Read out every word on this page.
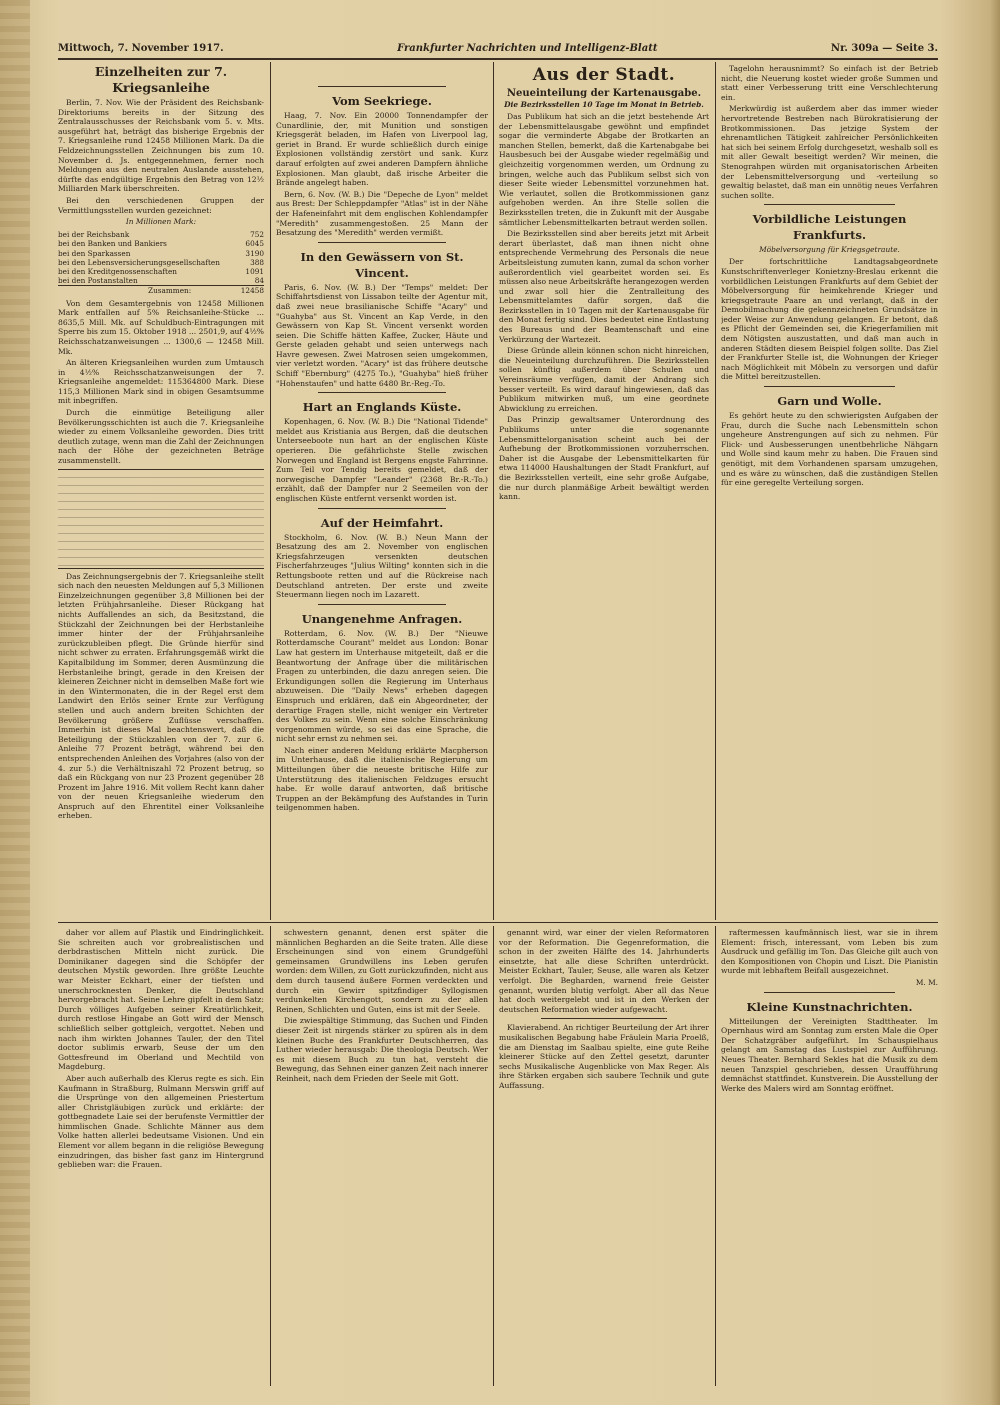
Mittwoch, 7. November 1917.	Frankfurter Nachrichten und Intelligenz-Blatt	Nr. 309a — Seite 3.
Einzelheiten zur 7. Kriegsanleihe

Berlin, 7. Nov. Wie der Präsident des Reichsbank-Direktoriums bereits in der Sitzung des Zentralausschusses der Reichsbank vom 5. v. Mts. ausgeführt hat, beträgt das bisherige Ergebnis der 7. Kriegsanleihe rund 12458 Millionen Mark. Da die Feldzeichnungsstellen Zeichnungen bis zum 10. November d. Js. entgegennehmen, ferner noch Meldungen aus den neutralen Auslande ausstehen, dürfte das endgültige Ergebnis den Betrag von 12½ Milliarden Mark überschreiten.

Bei den verschiedenen Gruppen der Vermittlungsstellen wurden gezeichnet:

In Millionen Mark:
bei der Reichsbank	752
bei den Banken und Bankiers	6045
bei den Sparkassen	3190
bei den Lebensversicherungsgesellschaften	388
bei den Kreditgenossenschaften	1091
bei den Postanstalten	84
Zusammen:	12458

Von dem Gesamtergebnis von 12458 Millionen Mark entfallen auf 5% Reichsanleihe-Stücke ... 8635,5 Mill. Mk. auf Schuldbuch-Eintragungen mit Sperre bis zum 15. Oktober 1918 ... 2501,9, auf 4½% Reichsschatzanweisungen ... 1300,6 — 12458 Mill. Mk.

An älteren Kriegsanleihen wurden zum Umtausch in 4½% Reichsschatzanweisungen der 7. Kriegsanleihe angemeldet: 115364800 Mark. Diese 115,3 Millionen Mark sind in obigen Gesamtsumme mit inbegriffen.

Durch die einmütige Beteiligung aller Bevölkerungsschichten ist auch die 7. Kriegsanleihe wieder zu einem Volksanleihe geworden. Dies tritt deutlich zutage, wenn man die Zahl der Zeichnungen nach der Höhe der gezeichneten Beträge zusammenstellt.

Das Zeichnungsergebnis der 7. Kriegsanleihe stellt sich nach den neuesten Meldungen auf 5,3 Millionen Einzelzeichnungen gegenüber 3,8 Millionen bei der letzten Frühjahrsanleihe. Dieser Rückgang hat nichts Auffallendes an sich, da Besitzstand, die Stückzahl der Zeichnungen bei der Herbstanleihe immer hinter der der Frühjahrsanleihe zurückzubleiben pflegt. Die Gründe hierfür sind nicht schwer zu erraten. Erfahrungsgemäß wirkt die Kapitalbildung im Sommer, deren Ausmünzung die Herbstanleihe bringt, gerade in den Kreisen der kleineren Zeichner nicht in demselben Maße fort wie in den Wintermonaten, die in der Regel erst dem Landwirt den Erlös seiner Ernte zur Verfügung stellen und auch andern breiten Schichten der Bevölkerung größere Zuflüsse verschaffen. Immerhin ist dieses Mal beachtenswert, daß die Beteiligung der Stückzahlen von der 7. zur 6. Anleihe 77 Prozent beträgt, während bei den entsprechenden Anleihen des Vorjahres (also von der 4. zur 5.) die Verhältniszahl 72 Prozent betrug, so daß ein Rückgang von nur 23 Prozent gegenüber 28 Prozent im Jahre 1916. Mit vollem Recht kann daher von der neuen Kriegsanleihe wiederum den Anspruch auf den Ehrentitel einer Volksanleihe erheben.

Vom Seekriege.

Haag, 7. Nov. Ein 20000 Tonnendampfer der Cunardlinie, der, mit Munition und sonstigen Kriegsgerät beladen, im Hafen von Liverpool lag, geriet in Brand. Er wurde schließlich durch einige Explosionen vollständig zerstört und sank. Kurz darauf erfolgten auf zwei anderen Dampfern ähnliche Explosionen. Man glaubt, daß irische Arbeiter die Brände angelegt haben.

Bern, 6. Nov. (W. B.) Die "Depeche de Lyon" meldet aus Brest: Der Schleppdampfer "Atlas" ist in der Nähe der Hafeneinfahrt mit dem englischen Kohlendampfer "Meredith" zusammengestoßen. 25 Mann der Besatzung des "Meredith" werden vermißt.

In den Gewässern von St. Vincent.

Paris, 6. Nov. (W. B.) Der "Temps" meldet: Der Schiffahrtsdienst von Lissabon teilte der Agentur mit, daß zwei neue brasilianische Schiffe "Acary" und "Guahyba" aus St. Vincent an Kap Verde, in den Gewässern von Kap St. Vincent versenkt worden seien. Die Schiffe hätten Kaffee, Zucker, Häute und Gerste geladen gehabt und seien unterwegs nach Havre gewesen. Zwei Matrosen seien umgekommen, vier verletzt worden. "Acary" ist das frühere deutsche Schiff "Ebernburg" (4275 To.), "Guahyba" hieß früher "Hohenstaufen" und hatte 6480 Br.-Reg.-To.

Hart an Englands Küste.

Kopenhagen, 6. Nov. (W. B.) Die "National Tidende" meldet aus Kristiania aus Bergen, daß die deutschen Unterseeboote nun hart an der englischen Küste operieren. Die gefährlichste Stelle zwischen Norwegen und England ist Bergens engste Fahrrinne. Zum Teil vor Tendig bereits gemeldet, daß der norwegische Dampfer "Leander" (2368 Br.-R.-To.) erzählt, daß der Dampfer nur 2 Seemeilen von der englischen Küste entfernt versenkt worden ist.

Auf der Heimfahrt.

Stockholm, 6. Nov. (W. B.) Neun Mann der Besatzung des am 2. November von englischen Kriegsfahrzeugen versenkten deutschen Fischerfahrzeuges "Julius Wilting" konnten sich in die Rettungsboote retten und auf die Rückreise nach Deutschland antreten. Der erste und zweite Steuermann liegen noch im Lazarett.

Unangenehme Anfragen.

Rotterdam, 6. Nov. (W. B.) Der "Nieuwe Rotterdamsche Courant" meldet aus London: Bonar Law hat gestern im Unterhause mitgeteilt, daß er die Beantwortung der Anfrage über die militärischen Fragen zu unterbinden, die dazu anregen seien. Die Erkundigungen sollen die Regierung im Unterhaus abzuweisen. Die "Daily News" erheben dagegen Einspruch und erklären, daß ein Abgeordneter, der derartige Fragen stelle, nicht weniger ein Vertreter des Volkes zu sein. Wenn eine solche Einschränkung vorgenommen würde, so sei das eine Sprache, die nicht sehr ernst zu nehmen sei.

Nach einer anderen Meldung erklärte Macpherson im Unterhause, daß die italienische Regierung um Mitteilungen über die neueste britische Hilfe zur Unterstützung des italienischen Feldzuges ersucht habe. Er wolle darauf antworten, daß britische Truppen an der Bekämpfung des Aufstandes in Turin teilgenommen haben.

Aus der Stadt.
Neueinteilung der Kartenausgabe.
Die Bezirksstellen 10 Tage im Monat in Betrieb.

Das Publikum hat sich an die jetzt bestehende Art der Lebensmittelausgabe gewöhnt und empfindet sogar die verminderte Abgabe der Brotkarten an manchen Stellen, bemerkt, daß die Kartenabgabe bei Hausbesuch bei der Ausgabe wieder regelmäßig und gleichzeitig vorgenommen werden, um Ordnung zu bringen, welche auch das Publikum selbst sich von dieser Seite wieder Lebensmittel vorzunehmen hat. Wie verlautet, sollen die Brotkommissionen ganz aufgehoben werden. An ihre Stelle sollen die Bezirksstellen treten, die in Zukunft mit der Ausgabe sämtlicher Lebensmittelkarten betraut werden sollen.

Die Bezirksstellen sind aber bereits jetzt mit Arbeit derart überlastet, daß man ihnen nicht ohne entsprechende Vermehrung des Personals die neue Arbeitsleistung zumuten kann, zumal da schon vorher außerordentlich viel gearbeitet worden sei. Es müssen also neue Arbeitskräfte herangezogen werden und zwar soll hier die Zentralleitung des Lebensmittelamtes dafür sorgen, daß die Bezirksstellen in 10 Tagen mit der Kartenausgabe für den Monat fertig sind. Dies bedeutet eine Entlastung des Bureaus und der Beamtenschaft und eine Verkürzung der Wartezeit.

Diese Gründe allein können schon nicht hinreichen, die Neueinteilung durchzuführen. Die Bezirksstellen sollen künftig außerdem über Schulen und Vereinsräume verfügen, damit der Andrang sich besser verteilt. Es wird darauf hingewiesen, daß das Publikum mitwirken muß, um eine geordnete Abwicklung zu erreichen.

Das Prinzip gewaltsamer Unterordnung des Publikums unter die sogenannte Lebensmittelorganisation scheint auch bei der Aufhebung der Brotkommissionen vorzuherrschen. Daher ist die Ausgabe der Lebensmittelkarten für etwa 114000 Haushaltungen der Stadt Frankfurt, auf die Bezirksstellen verteilt, eine sehr große Aufgabe, die nur durch planmäßige Arbeit bewältigt werden kann.

Tagelohn herausnimmt? So einfach ist der Betrieb nicht, die Neuerung kostet wieder große Summen und statt einer Verbesserung tritt eine Verschlechterung ein.

Merkwürdig ist außerdem aber das immer wieder hervortretende Bestreben nach Bürokratisierung der Brotkommissionen. Das jetzige System der ehrenamtlichen Tätigkeit zahlreicher Persönlichkeiten hat sich bei seinem Erfolg durchgesetzt, weshalb soll es mit aller Gewalt beseitigt werden? Wir meinen, die Stenograhpen würden mit organisatorischen Arbeiten der Lebensmittelversorgung und -verteilung so gewaltig belastet, daß man ein unnötig neues Verfahren suchen sollte.

Vorbildliche Leistungen Frankfurts.
Möbelversorgung für Kriegsgetraute.

Der fortschrittliche Landtagsabgeordnete Kunstschriftenverleger Konietzny-Breslau erkennt die vorbildlichen Leistungen Frankfurts auf dem Gebiet der Möbelversorgung für heimkehrende Krieger und kriegsgetraute Paare an und verlangt, daß in der Demobilmachung die gekennzeichneten Grundsätze in jeder Weise zur Anwendung gelangen. Er betont, daß es Pflicht der Gemeinden sei, die Kriegerfamilien mit dem Nötigsten auszustatten, und daß man auch in anderen Städten diesem Beispiel folgen sollte. Das Ziel der Frankfurter Stelle ist, die Wohnungen der Krieger nach Möglichkeit mit Möbeln zu versorgen und dafür die Mittel bereitzustellen.

Garn und Wolle.

Es gehört heute zu den schwierigsten Aufgaben der Frau, durch die Suche nach Lebensmitteln schon ungeheure Anstrengungen auf sich zu nehmen. Für Flick- und Ausbesserungen unentbehrliche Nähgarn und Wolle sind kaum mehr zu haben. Die Frauen sind genötigt, mit dem Vorhandenen sparsam umzugehen, und es wäre zu wünschen, daß die zuständigen Stellen für eine geregelte Verteilung sorgen.

daher vor allem auf Plastik und Eindringlichkeit. Sie schreiten auch vor grobrealistischen und derbdrastischen Mitteln nicht zurück. Die Dominikaner dagegen sind die Schöpfer der deutschen Mystik geworden. Ihre größte Leuchte war Meister Eckhart, einer der tiefsten und unerschrocknesten Denker, die Deutschland hervorgebracht hat. Seine Lehre gipfelt in dem Satz: Durch völliges Aufgeben seiner Kreatürlichkeit, durch restlose Hingabe an Gott wird der Mensch schließlich selber gottgleich, vergottet. Neben und nach ihm wirkten Johannes Tauler, der den Titel doctor sublimis erwarb, Seuse der um den Gottesfreund im Oberland und Mechtild von Magdeburg.

Aber auch außerhalb des Klerus regte es sich. Ein Kaufmann in Straßburg, Rulmann Merswin griff auf die Ursprünge von den allgemeinen Priestertum aller Christgläubigen zurück und erklärte: der gottbegnadete Laie sei der berufenste Vermittler der himmlischen Gnade. Schlichte Männer aus dem Volke hatten allerlei bedeutsame Visionen. Und ein Element vor allem begann in die religiöse Bewegung einzudringen, das bisher fast ganz im Hintergrund geblieben war: die Frauen.

schwestern genannt, denen erst später die männlichen Begharden an die Seite traten. Alle diese Erscheinungen sind von einem Grundgefühl gemeinsamen Grundwillens ins Leben gerufen worden: dem Willen, zu Gott zurückzufinden, nicht aus dem durch tausend äußere Formen verdeckten und durch ein Gewirr spitzfindiger Syllogismen verdunkelten Kirchengott, sondern zu der allen Reinen, Schlichten und Guten, eins ist mit der Seele.

Die zwiespältige Stimmung, das Suchen und Finden dieser Zeit ist nirgends stärker zu spüren als in dem kleinen Buche des Frankfurter Deutschherren, das Luther wieder herausgab: Die theologia Deutsch. Wer es mit diesem Buch zu tun hat, versteht die Bewegung, das Sehnen einer ganzen Zeit nach innerer Reinheit, nach dem Frieden der Seele mit Gott.

genannt wird, war einer der vielen Reformatoren vor der Reformation. Die Gegenreformation, die schon in der zweiten Hälfte des 14. Jahrhunderts einsetzte, hat alle diese Schriften unterdrückt. Meister Eckhart, Tauler, Seuse, alle waren als Ketzer verfolgt. Die Begharden, warnend freie Geister genannt, wurden blutig verfolgt. Aber all das Neue hat doch weitergelebt und ist in den Werken der deutschen Reformation wieder aufgewacht.

Klavierabend. An richtiger Beurteilung der Art ihrer musikalischen Begabung habe Fräulein Maria Proelß, die am Dienstag im Saalbau spielte, eine gute Reihe kleinerer Stücke auf den Zettel gesetzt, darunter sechs Musikalische Augenblicke von Max Reger. Als ihre Stärken ergaben sich saubere Technik und gute Auffassung.

raftermessen kaufmännisch liest, war sie in ihrem Element: frisch, interessant, vom Leben bis zum Ausdruck und gefällig im Ton. Das Gleiche gilt auch von den Kompositionen von Chopin und Liszt. Die Pianistin wurde mit lebhaftem Beifall ausgezeichnet.

M. M.
Kleine Kunstnachrichten.

Mitteilungen der Vereinigten Stadttheater. Im Opernhaus wird am Sonntag zum ersten Male die Oper Der Schatzgräber aufgeführt. Im Schauspielhaus gelangt am Samstag das Lustspiel zur Aufführung. Neues Theater. Bernhard Sekles hat die Musik zu dem neuen Tanzspiel geschrieben, dessen Uraufführung demnächst stattfindet. Kunstverein. Die Ausstellung der Werke des Malers wird am Sonntag eröffnet.
